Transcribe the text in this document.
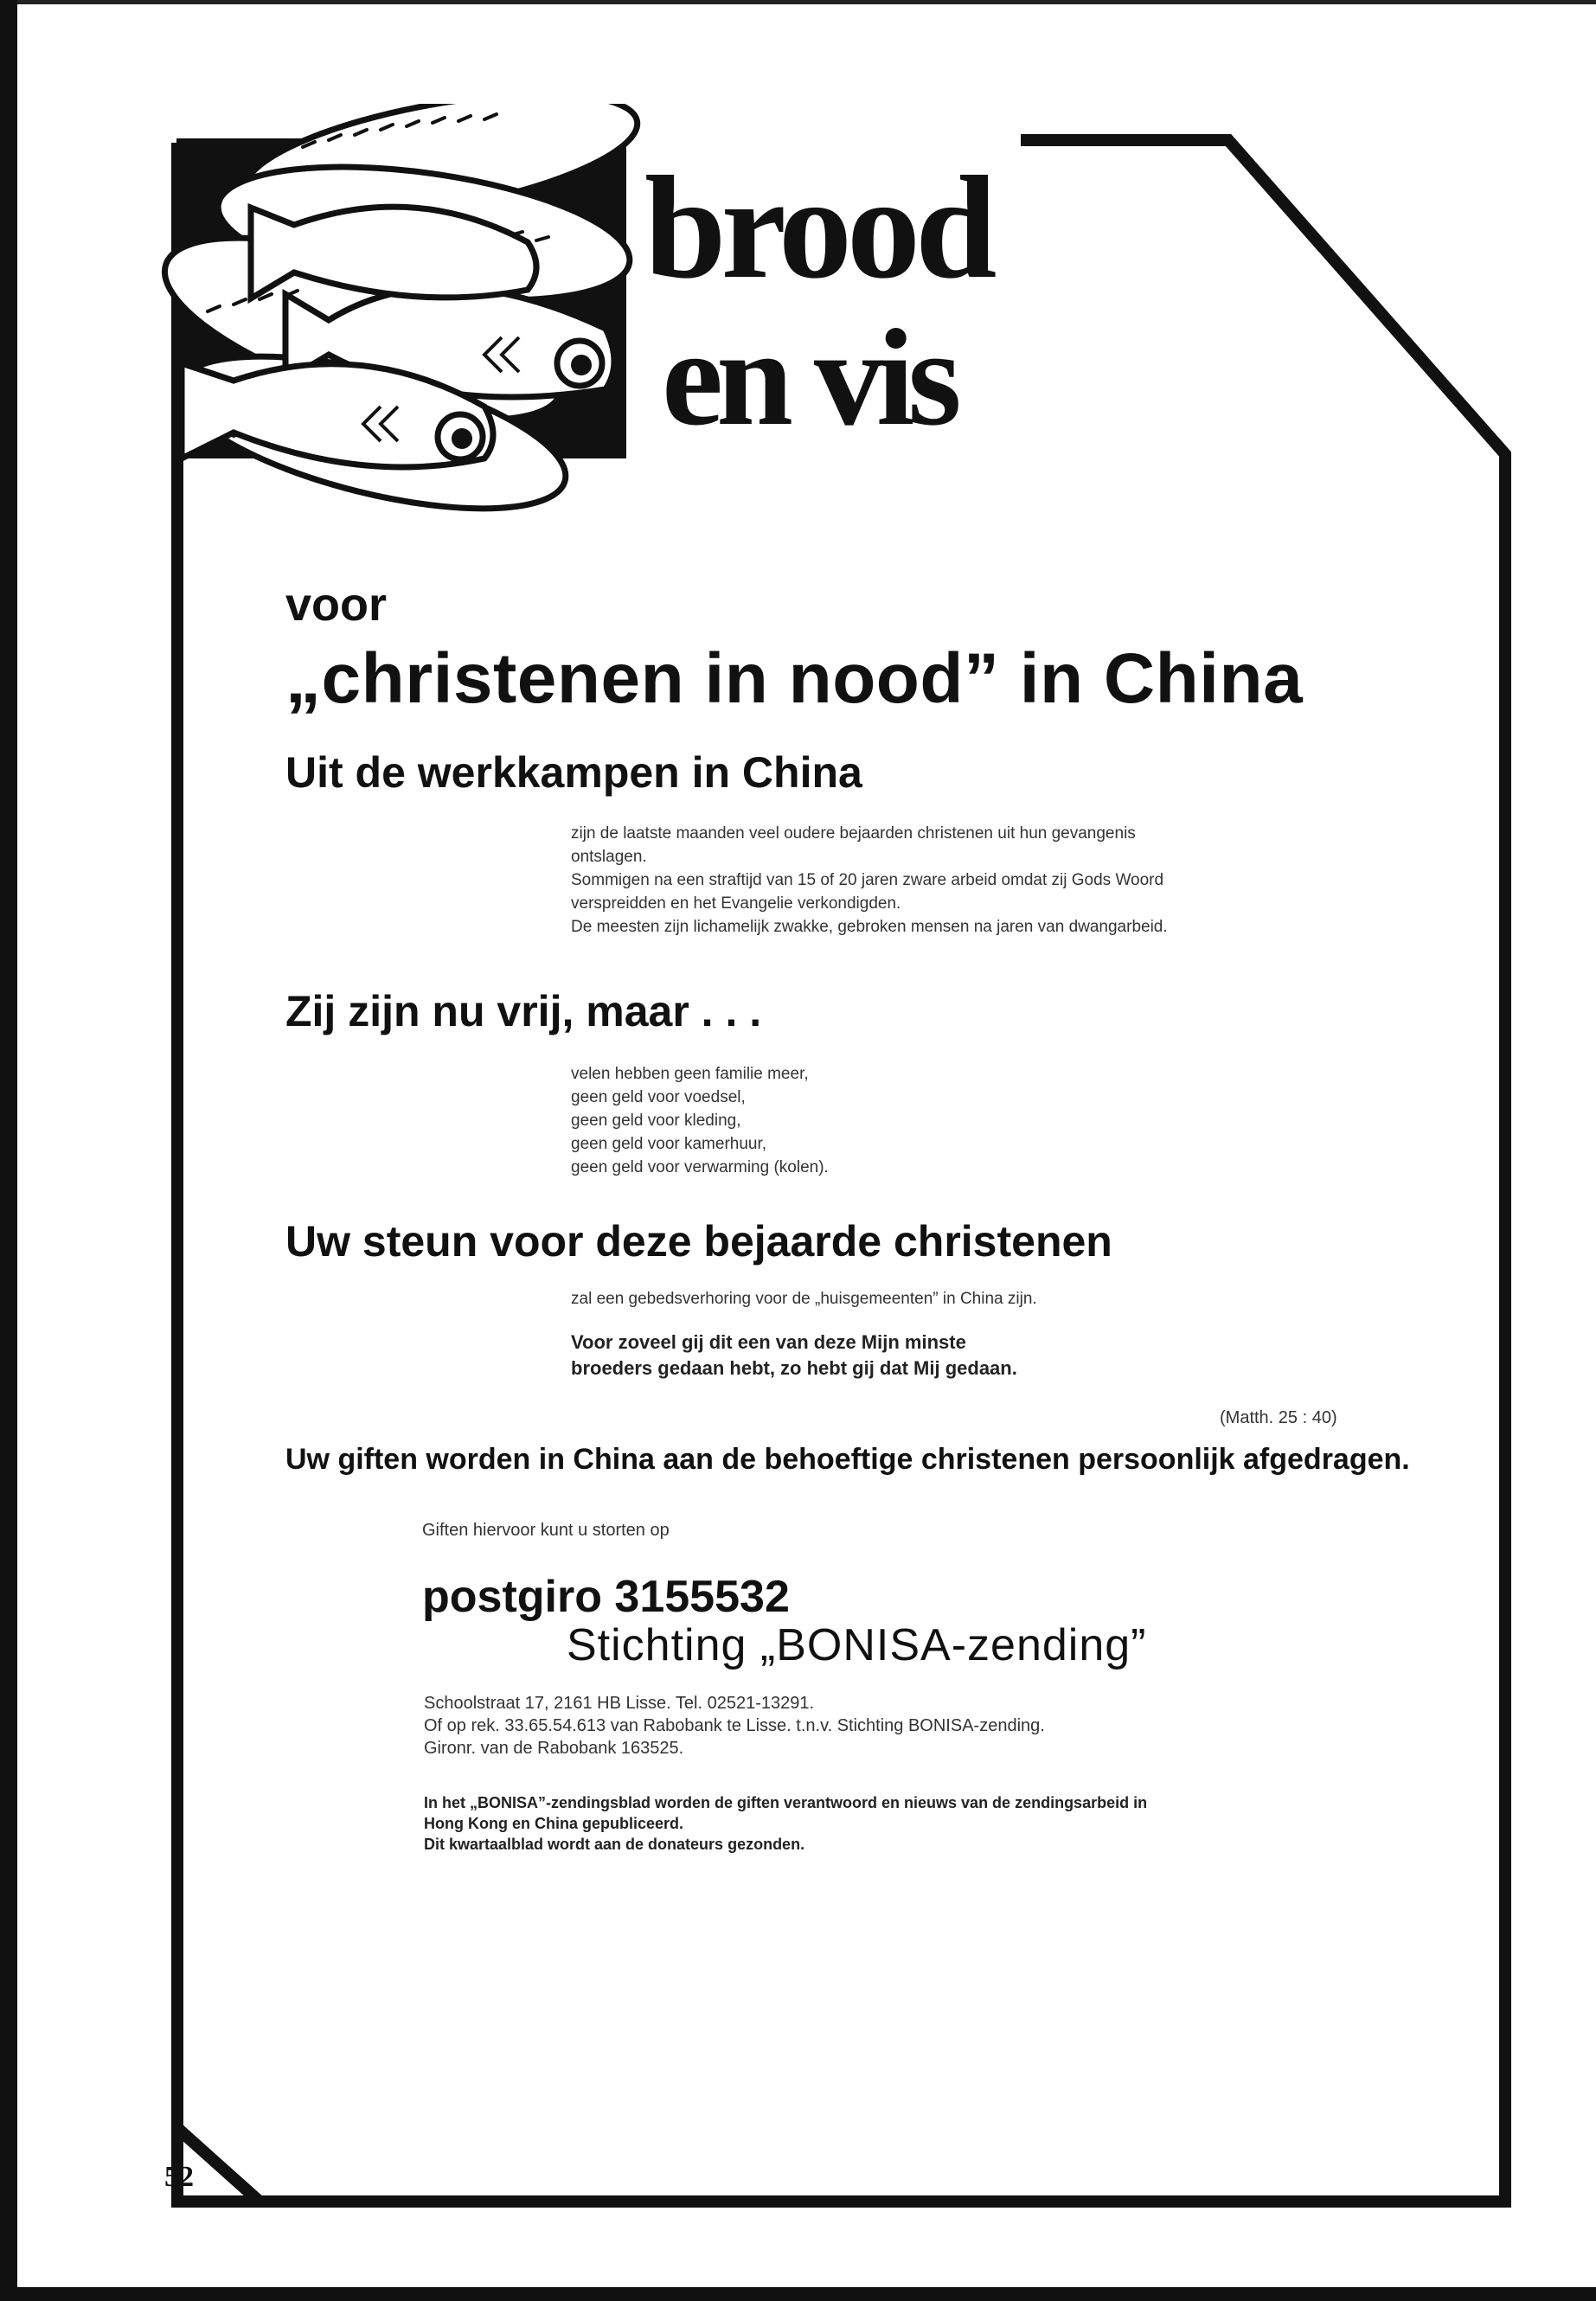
brood
en vis

voor

„christenen in nood” in China
Uit de werkkampen in China

zijn de laatste maanden veel oudere bejaarden christenen uit hun gevangenis

ontslagen.

Sommigen na een straftijd van 15 of 20 jaren zware arbeid omdat zij Gods Woord

verspreidden en het Evangelie verkondigden.

De meesten zijn lichamelijk zwakke, gebroken mensen na jaren van dwangarbeid.

Zij zijn nu vrij, maar . . .

velen hebben geen familie meer,

geen geld voor voedsel,

geen geld voor kleding,

geen geld voor kamerhuur,

geen geld voor verwarming (kolen).

Uw steun voor deze bejaarde christenen

zal een gebedsverhoring voor de „huisgemeenten” in China zijn.

Voor zoveel gij dit een van deze Mijn minste

broeders gedaan hebt, zo hebt gij dat Mij gedaan.

(Matth. 25 : 40)

Uw giften worden in China aan de behoeftige christenen persoonlijk afgedragen.

Giften hiervoor kunt u storten op

postgiro 3155532

Stichting „BONISA-zending”

Schoolstraat 17, 2161 HB Lisse. Tel. 02521-13291.

Of op rek. 33.65.54.613 van Rabobank te Lisse. t.n.v. Stichting BONISA-zending.

Gironr. van de Rabobank 163525.

In het „BONISA”-zendingsblad worden de giften verantwoord en nieuws van de zendingsarbeid in

Hong Kong en China gepubliceerd.

Dit kwartaalblad wordt aan de donateurs gezonden.

52
